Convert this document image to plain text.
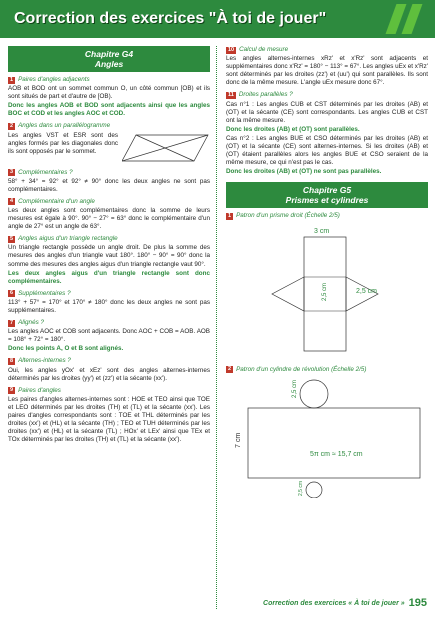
Correction des exercices "À toi de jouer"
Chapitre G4
Angles
1 Paires d'angles adjacents

AOB et BOD ont un sommet commun O, un côté commun [OB) et ils sont situés de part et d'autre de [OB).

Donc les angles AOB et BOD sont adjacents ainsi que les angles BOC et COD et les angles AOC et COD.

2 Angles dans un parallélogramme

Les angles VST et ESR sont des angles formés par les diagonales donc ils sont opposés par le sommet.

3 Complémentaires ?

58° + 34° = 92° et 92° ≠ 90° donc les deux angles ne sont pas complémentaires.

4 Complémentaire d'un angle

Les deux angles sont complémentaires donc la somme de leurs mesures est égale à 90°. 90° − 27° = 63° donc le complémentaire d'un angle de 27° est un angle de 63°.

5 Angles aigus d'un triangle rectangle

Un triangle rectangle possède un angle droit. De plus la somme des mesures des angles d'un triangle vaut 180°. 180° − 90° = 90° donc la somme des mesures des angles aigus d'un triangle rectangle vaut 90°.

Les deux angles aigus d'un triangle rectangle sont donc complémentaires.

6 Supplémentaires ?

113° + 57° = 170° et 170° ≠ 180° donc les deux angles ne sont pas supplémentaires.

7 Alignés ?

Les angles AOC et COB sont adjacents. Donc AOC + COB = AOB. AOB = 108° + 72° = 180°.

Donc les points A, O et B sont alignés.

8 Alternes-internes ?

Oui, les angles yOx' et xEz' sont des angles alternes-internes déterminés par les droites (yy') et (zz') et la sécante (xx').

9 Paires d'angles

Les paires d'angles alternes-internes sont : HOE et TEO ainsi que TOE et LEO déterminés par les droites (TH) et (TL) et la sécante (xx'). Les paires d'angles correspondants sont : TOE et THL déterminés par les droites (xx') et (HL) et la sécante (TH) ; TEO et TUH déterminés par les droites (xx') et (HL) et la sécante (TL) ; HOx' et LEx' ainsi que TEx et TOx déterminés par les droites (TH) et (TL) et la sécante (xx').

10 Calcul de mesure

Les angles alternes-internes xRz' et x'Rz' sont adjacents et supplémentaires donc x'Rz' = 180° − 113° = 67°. Les angles uEx et x'Rz' sont déterminés par les droites (zz') et (uu') qui sont parallèles. Ils sont donc de la même mesure. L'angle uEx mesure donc 67°.

11 Droites parallèles ?

Cas n°1 : Les angles CUB et CST déterminés par les droites (AB) et (OT) et la sécante (CE) sont correspondants. Les angles CUB et CST ont la même mesure.

Donc les droites (AB) et (OT) sont parallèles.

Cas n°2 : Les angles BUE et CSO déterminés par les droites (AB) et (OT) et la sécante (CE) sont alternes-internes. Si les droites (AB) et (OT) étaient parallèles alors les angles BUE et CSO seraient de la même mesure, ce qui n'est pas le cas.

Donc les droites (AB) et (OT) ne sont pas parallèles.

Chapitre G5
Prismes et cylindres
1 Patron d'un prisme droit (Échelle 2/5)
3 cm
2,5 cm
2,5 cm
2 Patron d'un cylindre de révolution (Échelle 2/5)
2,5 cm
7 cm
5π cm ≈ 15,7 cm
2,5 cm
Correction des exercices « À toi de jouer » 195
